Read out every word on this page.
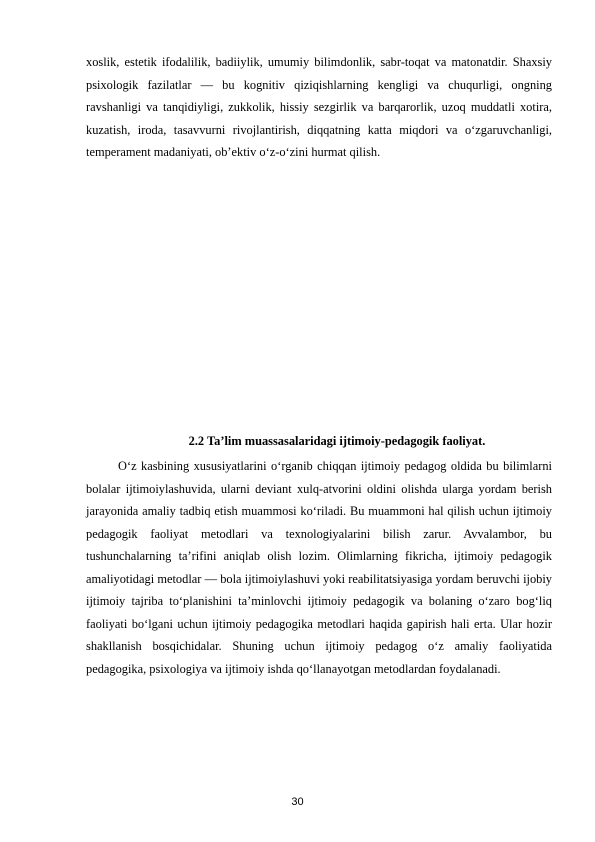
xoslik, estetik ifodalilik, badiiylik, umumiy bilimdonlik, sabr-toqat va matonatdir. Shaxsiy psixologik fazilatlar — bu kognitiv qiziqishlarning kengligi va chuqurligi, ongning ravshanligi va tanqidiyligi, zukkolik, hissiy sezgirlik va barqarorlik, uzoq muddatli xotira, kuzatish, iroda, tasavvurni rivojlantirish, diqqatning katta miqdori va o‘zgaruvchanligi, temperament madaniyati, ob’ektiv o‘z-o‘zini hurmat qilish.

2.2 Ta’lim muassasalaridagi ijtimoiy-pedagogik faoliyat.

O‘z kasbining xususiyatlarini o‘rganib chiqqan ijtimoiy pedagog oldida bu bilimlarni bolalar ijtimoiylashuvida, ularni deviant xulq-atvorini oldini olishda ularga yordam berish jarayonida amaliy tadbiq etish muammosi ko‘riladi. Bu muammoni hal qilish uchun ijtimoiy pedagogik faoliyat metodlari va texnologiyalarini bilish zarur. Avvalambor, bu tushunchalarning ta’rifini aniqlab olish lozim. Olimlarning fikricha, ijtimoiy pedagogik amaliyotidagi metodlar — bola ijtimoiylashuvi yoki reabilitatsiyasiga yordam beruvchi ijobiy ijtimoiy tajriba to‘planishini ta’minlovchi ijtimoiy pedagogik va bolaning o‘zaro bog‘liq faoliyati bo‘lgani uchun ijtimoiy pedagogika metodlari haqida gapirish hali erta. Ular hozir shakllanish bosqichidalar. Shuning uchun ijtimoiy pedagog o‘z amaliy faoliyatida pedagogika, psixologiya va ijtimoiy ishda qo‘llanayotgan metodlardan foydalanadi.

30
